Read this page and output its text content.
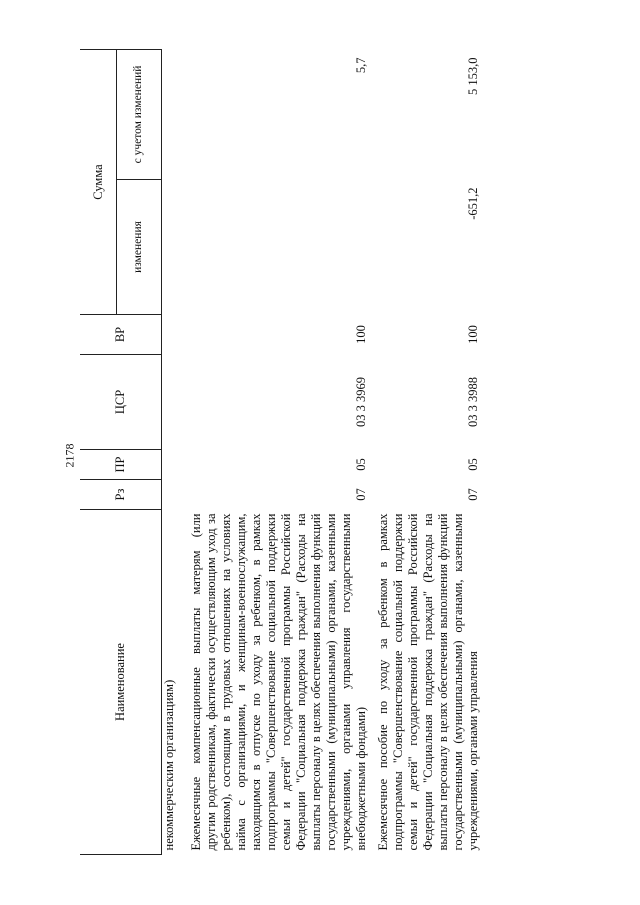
2178
Наименование	Рз	ПР	ЦСР	ВР	Сумма	
					изменения	с учетом изменений
некоммерческим организациям)						
Ежемесячные компенсационные выплаты матерям (или другим родственникам, фактически осуществляющим уход за ребенком), состоящим в трудовых отношениях на условиях найма с организациями, и женщинам-военнослужащим, находящимся в отпуске по уходу за ребенком, в рамках подпрограммы "Совершенствование социальной поддержки семьи и детей" государственной программы Российской Федерации "Социальная поддержка граждан" (Расходы на выплаты персоналу в целях обеспечения выполнения функций государственными (муниципальными) органами, казенными учреждениями, органами управления государственными внебюджетными фондами)	07	05	03 3 3969	100		5,7
Ежемесячное пособие по уходу за ребенком в рамках подпрограммы "Совершенствование социальной поддержки семьи и детей" государственной программы Российской Федерации "Социальная поддержка граждан" (Расходы на выплаты персоналу в целях обеспечения выполнения функций государственными (муниципальными) органами, казенными учреждениями, органами управления	07	05	03 3 3988	100	-651,2	5 153,0
